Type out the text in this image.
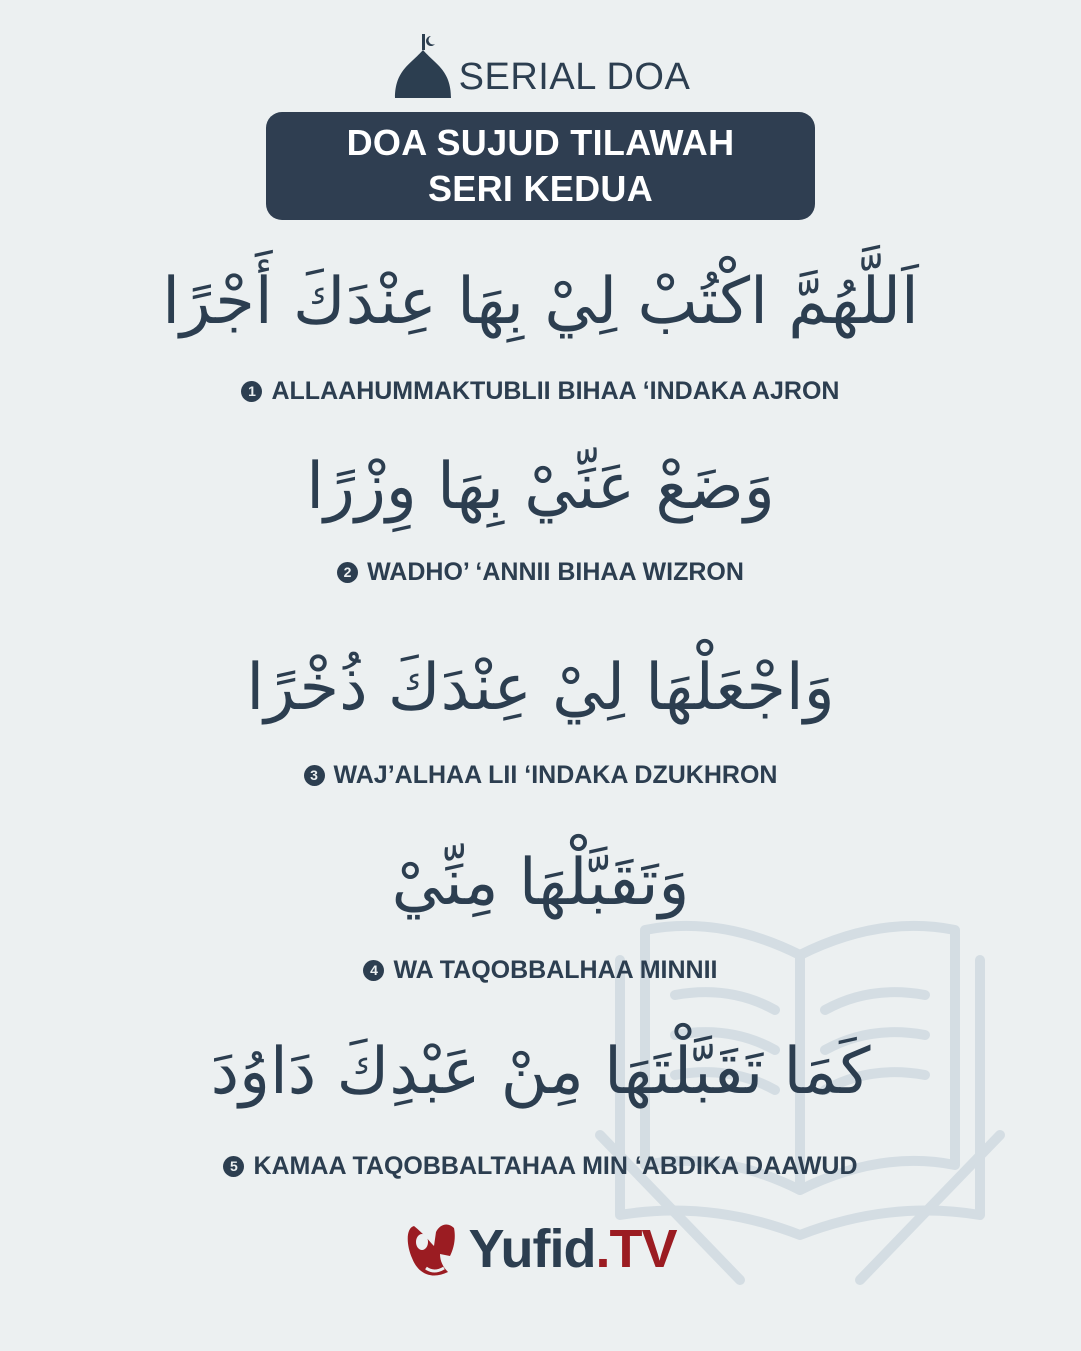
SERIAL DOA
DOA SUJUD TILAWAH
SERI KEDUA
اَللَّهُمَّ اكْتُبْ لِيْ بِهَا عِنْدَكَ أَجْرًا
1 ALLAAHUMMAKTUBLII BIHAA ‘INDAKA AJRON
وَضَعْ عَنِّيْ بِهَا وِزْرًا
2 WADHO’ ‘ANNII BIHAA WIZRON
وَاجْعَلْهَا لِيْ عِنْدَكَ ذُخْرًا
3 WAJ’ALHAA LII ‘INDAKA DZUKHRON
وَتَقَبَّلْهَا مِنِّيْ
4 WA TAQOBBALHAA MINNII
كَمَا تَقَبَّلْتَهَا مِنْ عَبْدِكَ دَاوُدَ
5 KAMAA TAQOBBALTAHAA MIN ‘ABDIKA DAAWUD
Yufid.TV
